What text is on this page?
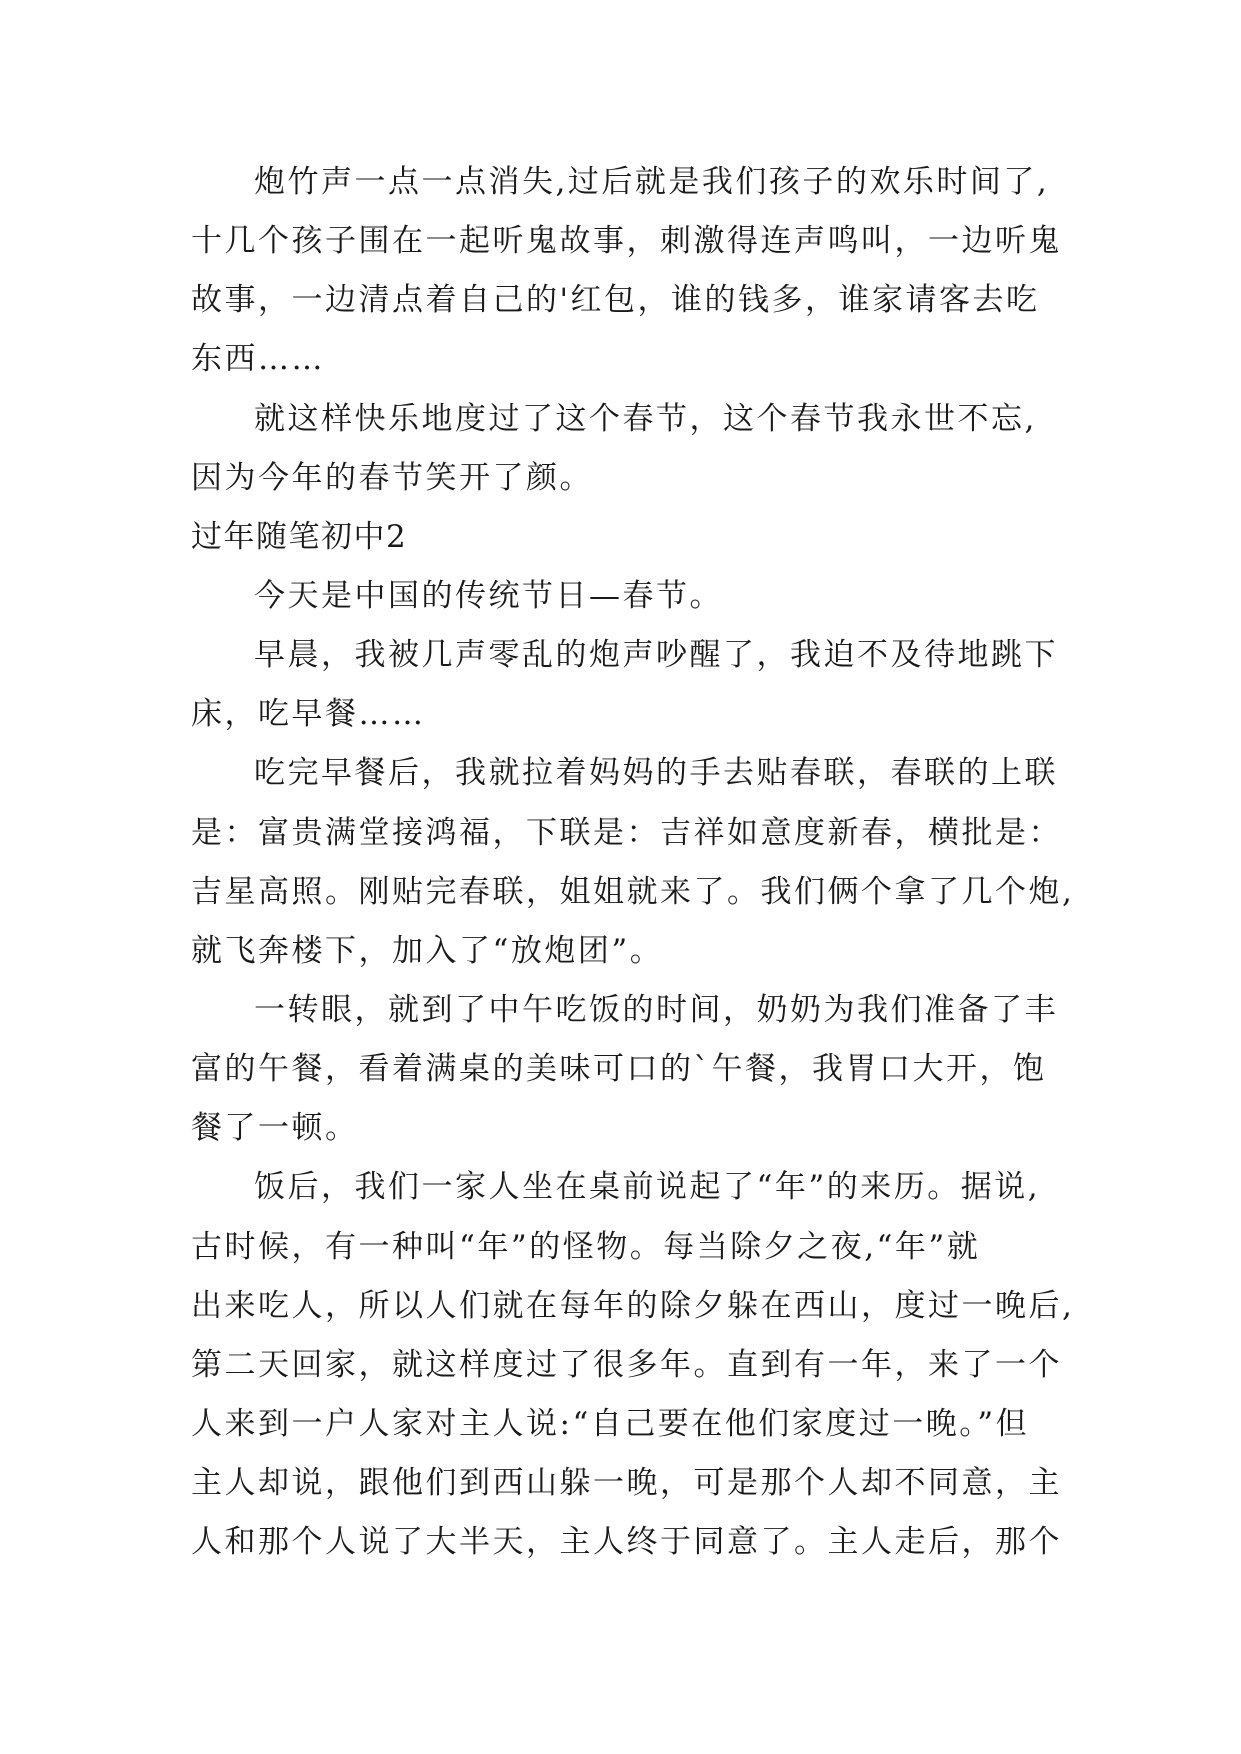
炮竹声一点一点消失,过后就是我们孩子的欢乐时间了,
十几个孩子围在一起听鬼故事，刺激得连声鸣叫，一边听鬼
故事，一边清点着自己的'红包，谁的钱多，谁家请客去吃
东西……
就这样快乐地度过了这个春节，这个春节我永世不忘,
因为今年的春节笑开了颜。
过年随笔初中2
今天是中国的传统节日—春节。
早晨，我被几声零乱的炮声吵醒了，我迫不及待地跳下
床，吃早餐……
吃完早餐后，我就拉着妈妈的手去贴春联，春联的上联
是：富贵满堂接鸿福，下联是：吉祥如意度新春，横批是：
吉星高照。刚贴完春联，姐姐就来了。我们俩个拿了几个炮,
就飞奔楼下，加入了“放炮团”。
一转眼，就到了中午吃饭的时间，奶奶为我们准备了丰
富的午餐，看着满桌的美味可口的`午餐，我胃口大开，饱
餐了一顿。
饭后，我们一家人坐在桌前说起了“年”的来历。据说,
古时候，有一种叫“年”的怪物。每当除夕之夜,“年”就
出来吃人，所以人们就在每年的除夕躲在西山，度过一晚后,
第二天回家，就这样度过了很多年。直到有一年，来了一个
人来到一户人家对主人说:“自己要在他们家度过一晚。”但
主人却说，跟他们到西山躲一晚，可是那个人却不同意，主
人和那个人说了大半天，主人终于同意了。主人走后，那个
